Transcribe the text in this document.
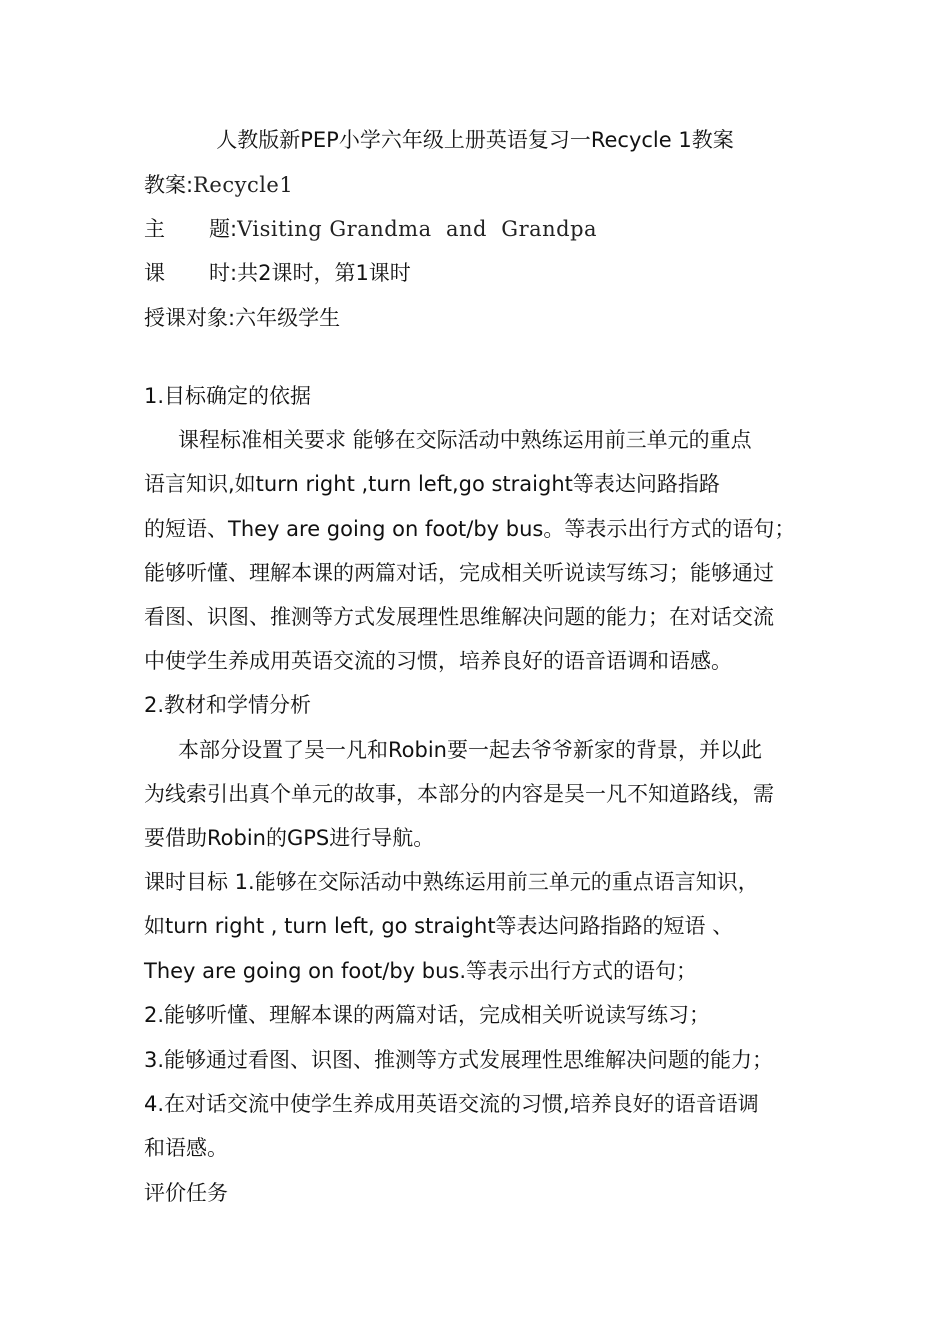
人教版新PEP小学六年级上册英语复习一Recycle 1教案
教案:Recycle1
主 题:Visiting Grandma  and  Grandpa
课 时:共2课时，第1课时
授课对象:六年级学生
1.目标确定的依据
课程标准相关要求 能够在交际活动中熟练运用前三单元的重点
语言知识,如turn right ,turn left,go straight等表达问路指路
的短语、They are going on foot/by bus。等表示出行方式的语句；
能够听懂、理解本课的两篇对话，完成相关听说读写练习；能够通过
看图、识图、推测等方式发展理性思维解决问题的能力；在对话交流
中使学生养成用英语交流的习惯，培养良好的语音语调和语感。
2.教材和学情分析
本部分设置了吴一凡和Robin要一起去爷爷新家的背景，并以此
为线索引出真个单元的故事，本部分的内容是吴一凡不知道路线，需
要借助Robin的GPS进行导航。
课时目标 1.能够在交际活动中熟练运用前三单元的重点语言知识，
如turn right , turn left, go straight等表达问路指路的短语 、
They are going on foot/by bus.等表示出行方式的语句；
2.能够听懂、理解本课的两篇对话，完成相关听说读写练习；
3.能够通过看图、识图、推测等方式发展理性思维解决问题的能力；
4.在对话交流中使学生养成用英语交流的习惯,培养良好的语音语调
和语感。
评价任务
